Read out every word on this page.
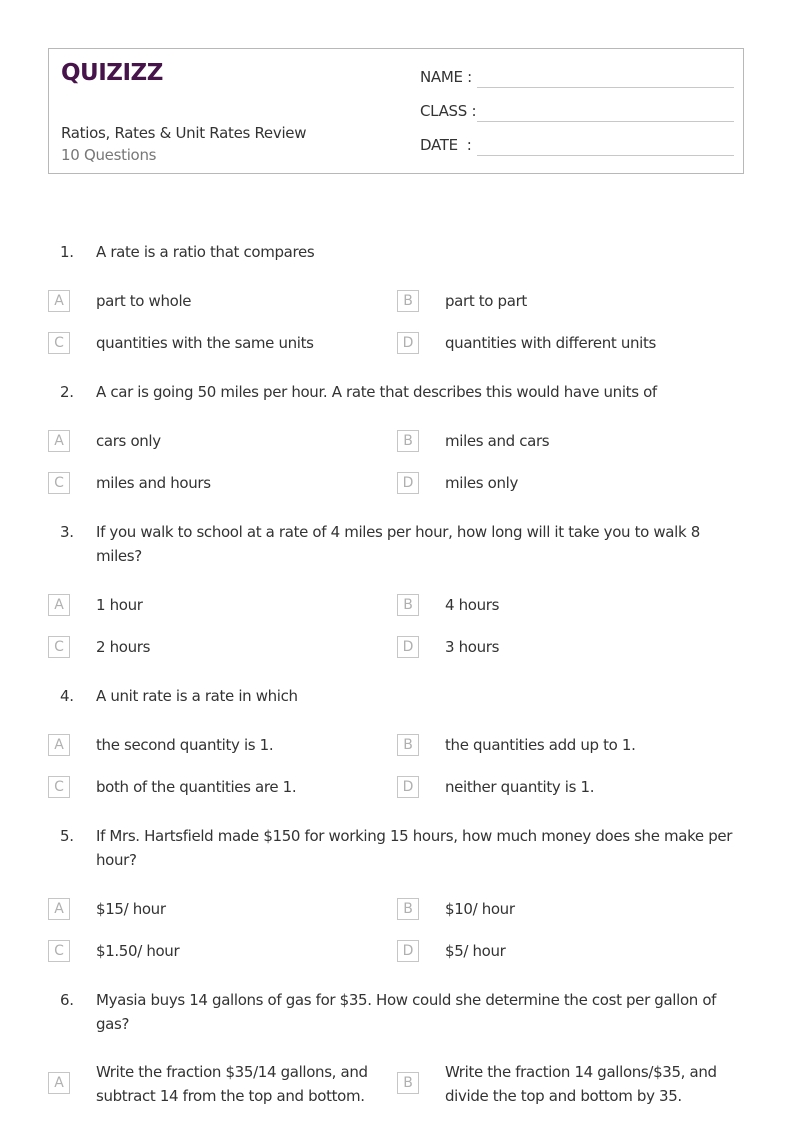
QUIZIZZ
Ratios, Rates & Unit Rates Review
10 Questions
NAME :
CLASS :
DATE  :
1. A rate is a ratio that compares
A	part to whole	B	part to part
C	quantities with the same units	D	quantities with different units
2. A car is going 50 miles per hour. A rate that describes this would have units of
A	cars only	B	miles and cars
C	miles and hours	D	miles only
3. If you walk to school at a rate of 4 miles per hour, how long will it take you to walk 8 miles?
A	1 hour	B	4 hours
C	2 hours	D	3 hours
4. A unit rate is a rate in which
A	the second quantity is 1.	B	the quantities add up to 1.
C	both of the quantities are 1.	D	neither quantity is 1.
5. If Mrs. Hartsfield made $150 for working 15 hours, how much money does she make per hour?
A	$15/ hour	B	$10/ hour
C	$1.50/ hour	D	$5/ hour
6. Myasia buys 14 gallons of gas for $35. How could she determine the cost per gallon of gas?
A
Write the fraction $35/14 gallons, and subtract 14 from the top and bottom.
B
Write the fraction 14 gallons/$35, and divide the top and bottom by 35.
